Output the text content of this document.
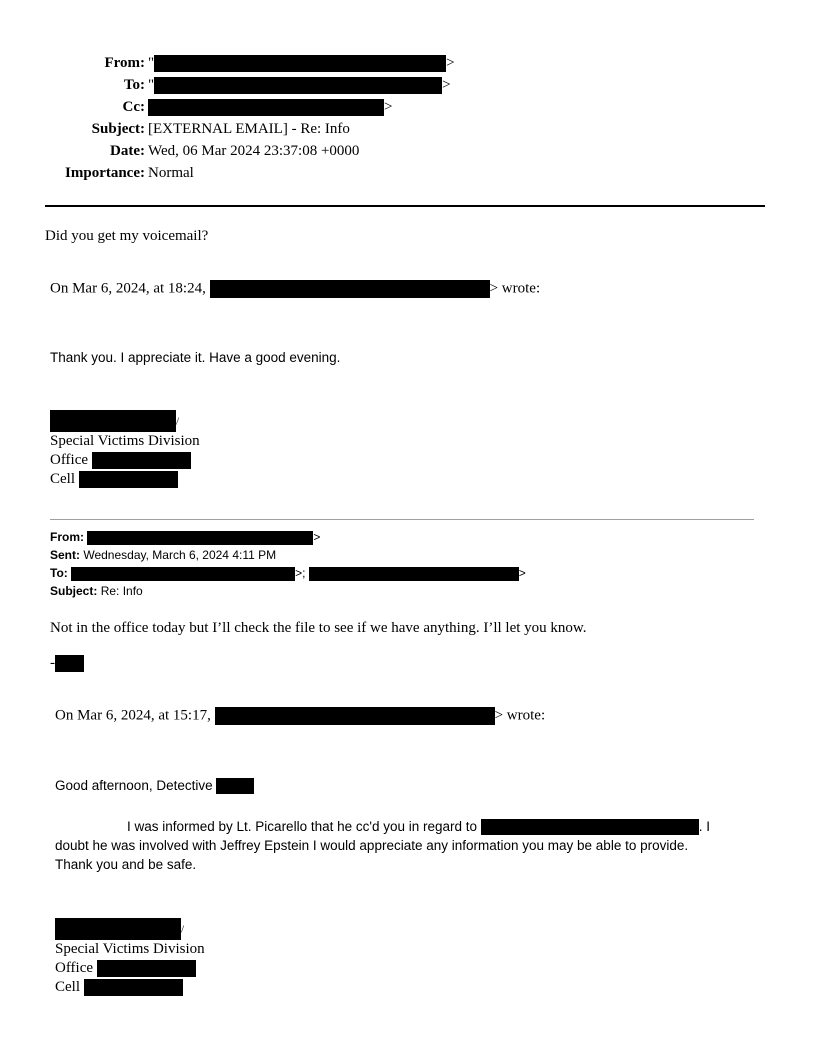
From: "	>
To: "	>
Cc:	>
Subject: [EXTERNAL EMAIL] - Re: Info
Date: Wed, 06 Mar 2024 23:37:08 +0000
Importance: Normal
Did you get my voicemail?
On Mar 6, 2024, at 18:24,	> wrote:
Thank you. I appreciate it. Have a good evening.
/
Special Victims Division
Office
Cell
From:	>
Sent: Wednesday, March 6, 2024 4:11 PM
To:	>;	>
Subject: Re: Info
Not in the office today but I’ll check the file to see if we have anything. I’ll let you know.
-
On Mar 6, 2024, at 15:17,	> wrote:
Good afternoon, Detective
I was informed by Lt. Picarello that he cc'd you in regard to	. I
doubt he was involved with Jeffrey Epstein I would appreciate any information you may be able to provide.
Thank you and be safe.
/
Special Victims Division
Office
Cell
